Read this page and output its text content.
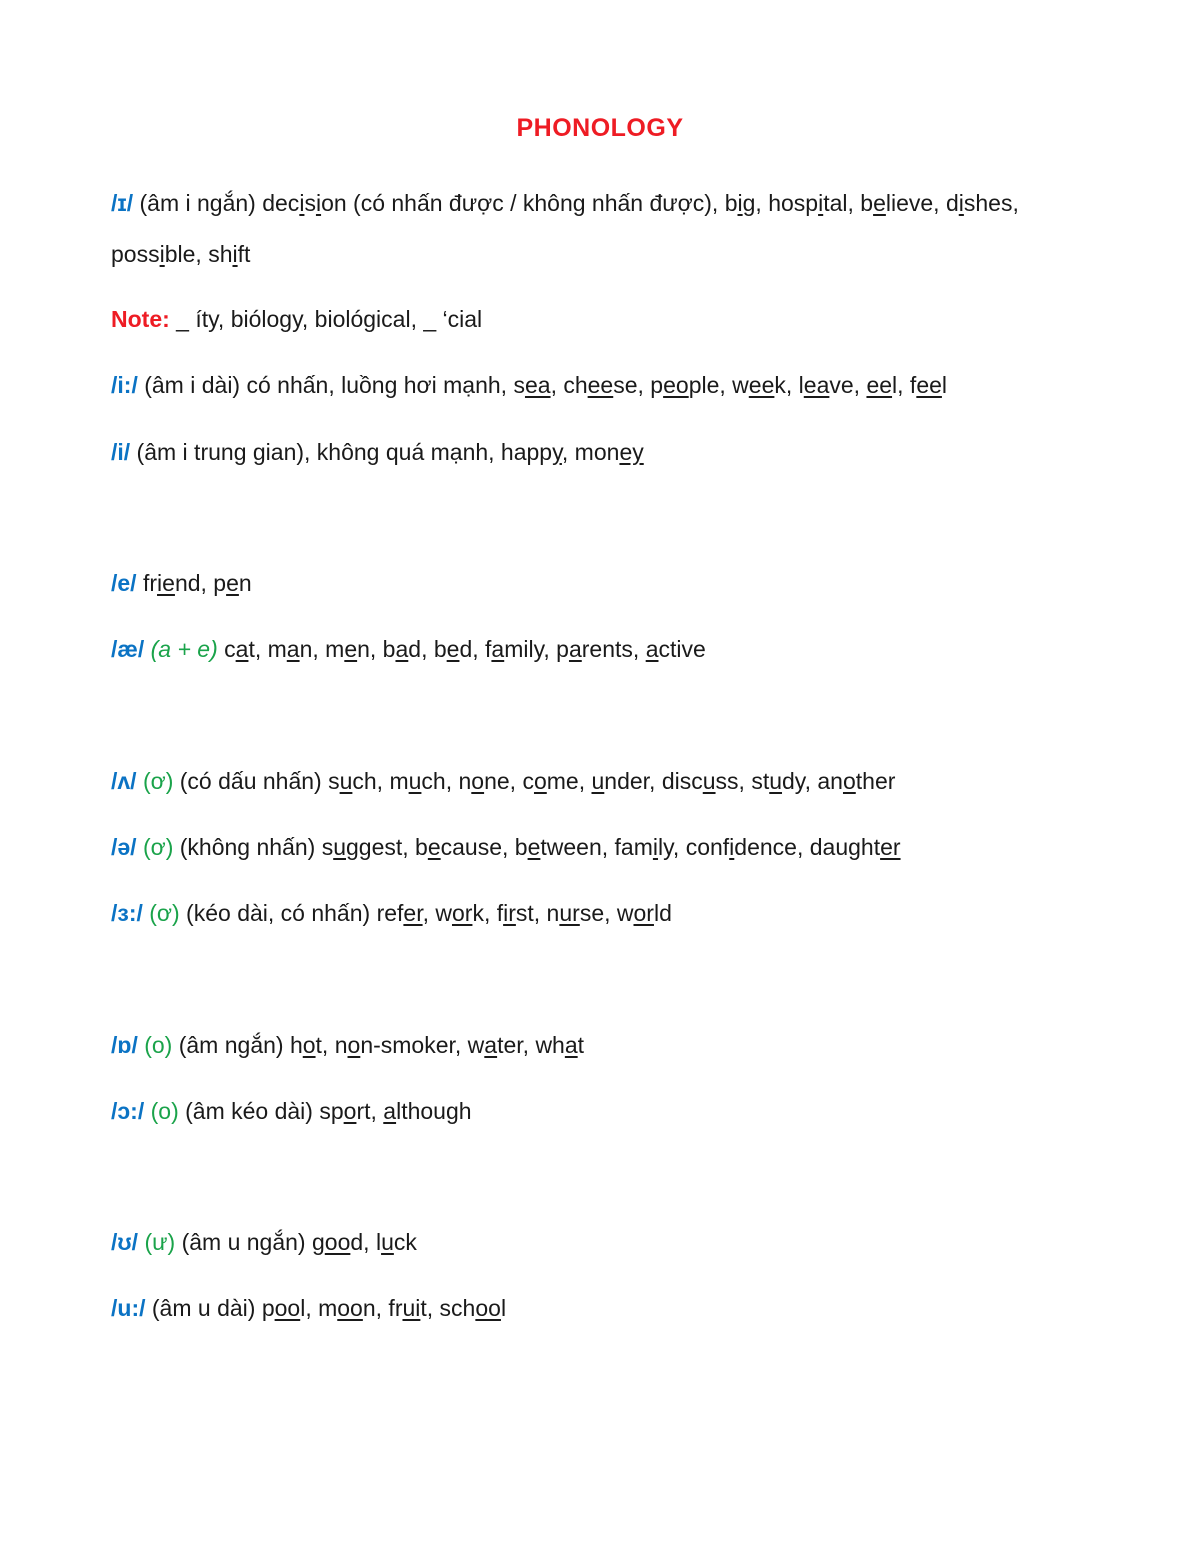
PHONOLOGY
/ɪ/ (âm i ngắn) decision (có nhấn được / không nhấn được), big, hospital, believe, dishes,
possible, shift
Note: _ íty, biólogy, biológical, _ ‘cial
/i:/ (âm i dài) có nhấn, luồng hơi mạnh, sea, cheese, people, week, leave, eel, feel
/i/ (âm i trung gian), không quá mạnh, happy, money
/e/ friend, pen
/æ/ (a + e) cat, man, men, bad, bed, family, parents, active
/ʌ/ (ơ) (có dấu nhấn) such, much, none, come, under, discuss, study, another
/ə/ (ơ) (không nhấn) suggest, because, between, family, confidence, daughter
/ɜ:/ (ơ) (kéo dài, có nhấn) refer, work, first, nurse, world
/ɒ/ (o) (âm ngắn) hot, non-smoker, water, what
/ɔ:/ (o) (âm kéo dài) sport, although
/ʊ/ (ư) (âm u ngắn) good, luck
/u:/ (âm u dài) pool, moon, fruit, school
